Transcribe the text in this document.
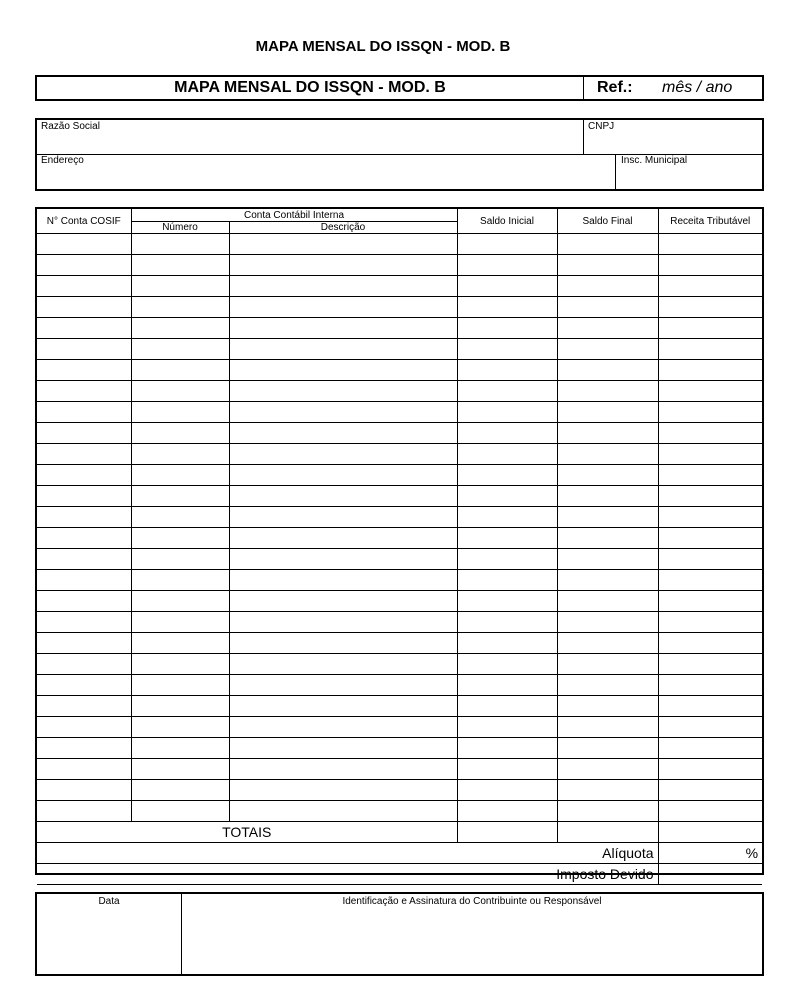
MAPA MENSAL DO ISSQN - MOD. B
MAPA MENSAL DO ISSQN - MOD. B	Ref.: mês / ano
Razão Social	CNPJ
Endereço	Insc. Municipal
N° Conta COSIF	Conta Contábil Interna		Saldo Inicial	Saldo Final	Receita Tributável
	Número	Descrição			

TOTAIS					
Alíquota					%
Imposto Devido					
Data	Identificação e Assinatura do Contribuinte ou Responsável
